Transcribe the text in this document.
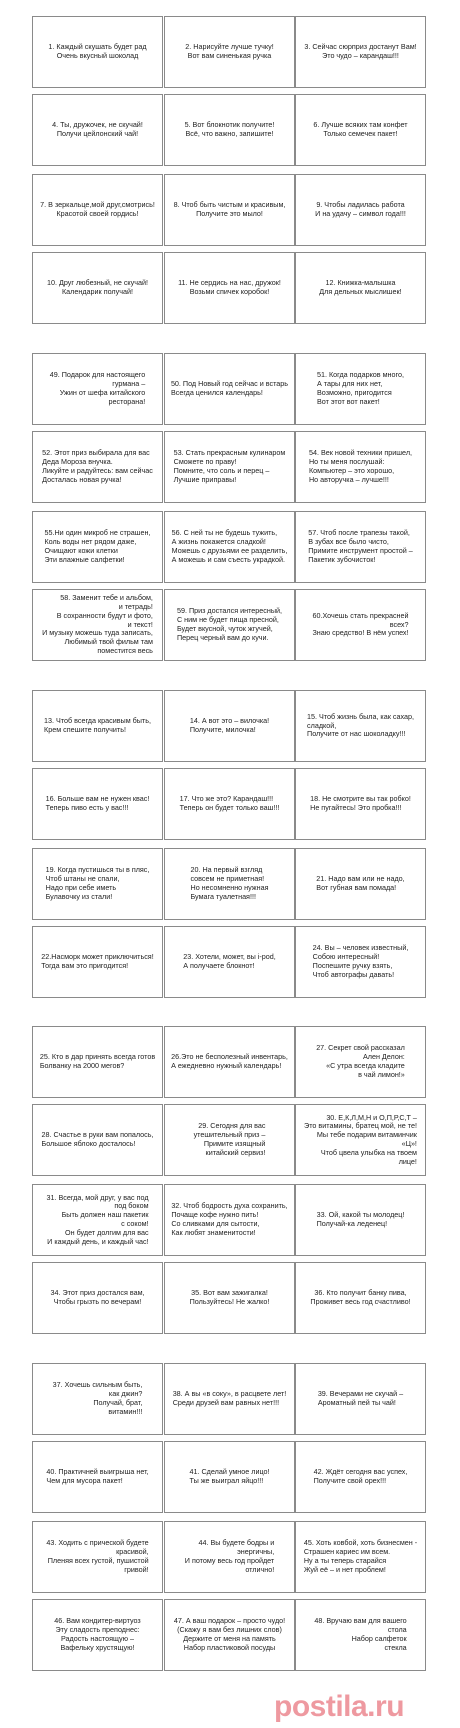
1. Каждый скушать будет рад
Очень вкусный шоколад
2. Нарисуйте лучше тучку!
Вот вам синенькая ручка
3. Сейчас сюрприз достанут Вам!
Это чудо – карандаш!!!
4. Ты, дружочек, не скучай!
Получи цейлонский чай!
5. Вот блокнотик получите!
Всё, что важно, запишите!
6. Лучше всяких там конфет
Только семечек пакет!
7. В зеркальце,мой друг,смотрись!
Красотой своей гордись!
8. Чтоб быть чистым и красивым,
Получите это мыло!
9. Чтобы ладилась работа
И на удачу – символ года!!!
10. Друг любезный, не скучай!
Календарик получай!
11. Не сердись на нас, дружок!
Возьми спичек коробок!
12. Книжка-малышка
Для дельных мыслишек!
49. Подарок для настоящего
гурмана –
Ужин от шефа китайского
ресторана!
50. Под Новый год сейчас и встарь
Всегда ценился календарь!
51. Когда подарков много,
А тары для них нет,
Возможно, пригодится
Вот этот вот пакет!
52. Этот приз выбирала для вас
Деда Мороза внучка.
Ликуйте и радуйтесь: вам сейчас
Досталась новая ручка!
53. Стать прекрасным кулинаром
Сможете по праву!
Помните, что соль и перец –
Лучшие приправы!
54. Век новой техники пришел,
Но ты меня послушай:
Компьютер – это хорошо,
Но авторучка – лучше!!!
55.Ни один микроб не страшен,
Коль воды нет рядом даже,
Очищают кожи клетки
Эти влажные салфетки!
56. С ней ты не будешь тужить,
А жизнь покажется сладкой!
Можешь с друзьями ее разделить,
А можешь и сам съесть украдкой.
57. Чтоб после трапезы такой,
В зубах все было чисто,
Примите инструмент простой –
Пакетик зубочисток!
58. Заменит тебе и альбом,
и тетрадь!
В сохранности будут и фото,
и текст!
И музыку можешь туда записать,
Любимый твой фильм там
поместится весь
59. Приз достался интересный,
С ним не будет пища пресной,
Будет вкусной, чуток жгучей,
Перец черный вам до кучи.
60.Хочешь стать прекрасней
всех?
Знаю средство! В нём успех!
13. Чтоб всегда красивым быть,
Крем спешите получить!
14. А вот это – вилочка!
Получите, милочка!
15. Чтоб жизнь была, как сахар,
сладкой,
Получите от нас шоколадку!!!
16. Больше вам не нужен квас!
Теперь пиво есть у вас!!!
17. Что же это? Карандаш!!!
Теперь он будет только ваш!!!
18. Не смотрите вы так робко!
Не пугайтесь! Это пробка!!!
19. Когда пустишься ты в пляс,
Чтоб штаны не спали,
Надо при себе иметь
Булавочку из стали!
20. На первый взгляд
совсем не приметная!
Но несомненно нужная
Бумага туалетная!!!
21. Надо вам или не надо,
Вот губная вам помада!
22.Насморк может приключиться!
Тогда вам это пригодится!
23. Хотели, может, вы i-pod,
А получаете блокнот!
24. Вы – человек известный,
Собою интересный!
Поспешите ручку взять,
Чтоб автографы давать!
25. Кто в дар принять всегда готов
Болванку на 2000 мегов?
26.Это не бесполезный инвентарь,
А ежедневно нужный календарь!
27. Секрет свой рассказал
Ален Делон:
«С утра всегда кладите
в чай лимон!»
28. Счастье в руки вам попалось,
Большое яблоко досталось!
29. Сегодня для вас
утешительный приз –
Примите изящный
китайский сервиз!
30. Е,К,Л,М,Н и О,П,Р,С,Т –
Это витамины, братец мой, не те!
Мы тебе подарим витаминчик
«Ц»!
Чтоб цвела улыбка на твоем
лице!
31. Всегда, мой друг, у вас под
под боком
Быть должен наш пакетик
с соком!
Он будет долгим для вас
И каждый день, и каждый час!
32. Чтоб бодрость духа сохранить,
Почаще кофе нужно пить!
Со сливками для сытости,
Как любят знаменитости!
33. Ой, какой ты молодец!
Получай-ка леденец!
34. Этот приз достался вам,
Чтобы грызть по вечерам!
35. Вот вам зажигалка!
Пользуйтесь! Не жалко!
36. Кто получит банку пива,
Проживет весь год счастливо!
37. Хочешь сильным быть,
как джин?
Получай, брат,
витамин!!!
38. А вы «в соку», в расцвете лет!
Среди друзей вам равных нет!!!
39. Вечерами не скучай –
Ароматный пей ты чай!
40. Практичней выигрыша нет,
Чем для мусора пакет!
41. Сделай умное лицо!
Ты же выиграл яйцо!!!
42. Ждёт сегодня вас успех,
Получите свой орех!!!
43. Ходить с прической будете
красивой,
Пленяя всех густой, пушистой
гривой!
44. Вы будете бодры и
энергичны,
И потому весь год пройдет
отлично!
45. Хоть ковбой, хоть бизнесмен -
Страшен кариес им всем.
Ну а ты теперь старайся
Жуй её – и нет проблем!
46. Вам кондитер-виртуоз
Эту сладость преподнес:
Радость настоящую –
Вафельку хрустящую!
47. А ваш подарок – просто чудо!
(Скажу я вам без лишних слов)
Держите от меня на память
Набор пластиковой посуды
48. Вручаю вам для вашего
стола
Набор салфеток
стекла
postila.ru
